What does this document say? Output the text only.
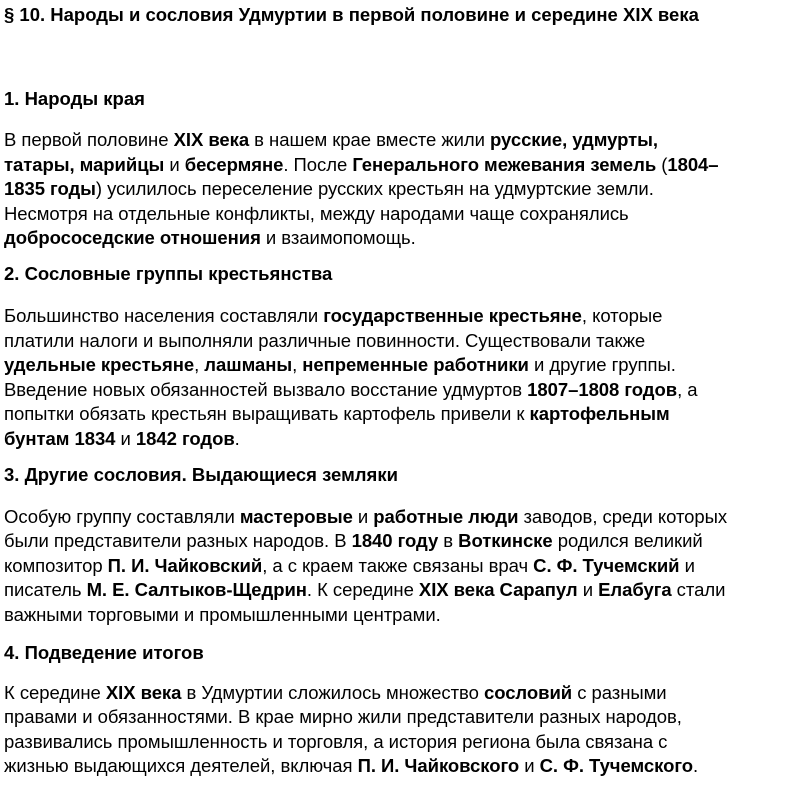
§ 10. Народы и сословия Удмуртии в первой половине и середине XIX века
1. Народы края

В первой половине XIX века в нашем крае вместе жили русские, удмурты,
татары, марийцы и бесермяне. После Генерального межевания земель (1804–
1835 годы) усилилось переселение русских крестьян на удмуртские земли.
Несмотря на отдельные конфликты, между народами чаще сохранялись
добрососедские отношения и взаимопомощь.

2. Сословные группы крестьянства

Большинство населения составляли государственные крестьяне, которые
платили налоги и выполняли различные повинности. Существовали также
удельные крестьяне, лашманы, непременные работники и другие группы.
Введение новых обязанностей вызвало восстание удмуртов 1807–1808 годов, а
попытки обязать крестьян выращивать картофель привели к картофельным
бунтам 1834 и 1842 годов.

3. Другие сословия. Выдающиеся земляки

Особую группу составляли мастеровые и работные люди заводов, среди которых
были представители разных народов. В 1840 году в Воткинске родился великий
композитор П. И. Чайковский, а с краем также связаны врач С. Ф. Тучемский и
писатель М. Е. Салтыков-Щедрин. К середине XIX века Сарапул и Елабуга стали
важными торговыми и промышленными центрами.

4. Подведение итогов

К середине XIX века в Удмуртии сложилось множество сословий с разными
правами и обязанностями. В крае мирно жили представители разных народов,
развивались промышленность и торговля, а история региона была связана с
жизнью выдающихся деятелей, включая П. И. Чайковского и С. Ф. Тучемского.
